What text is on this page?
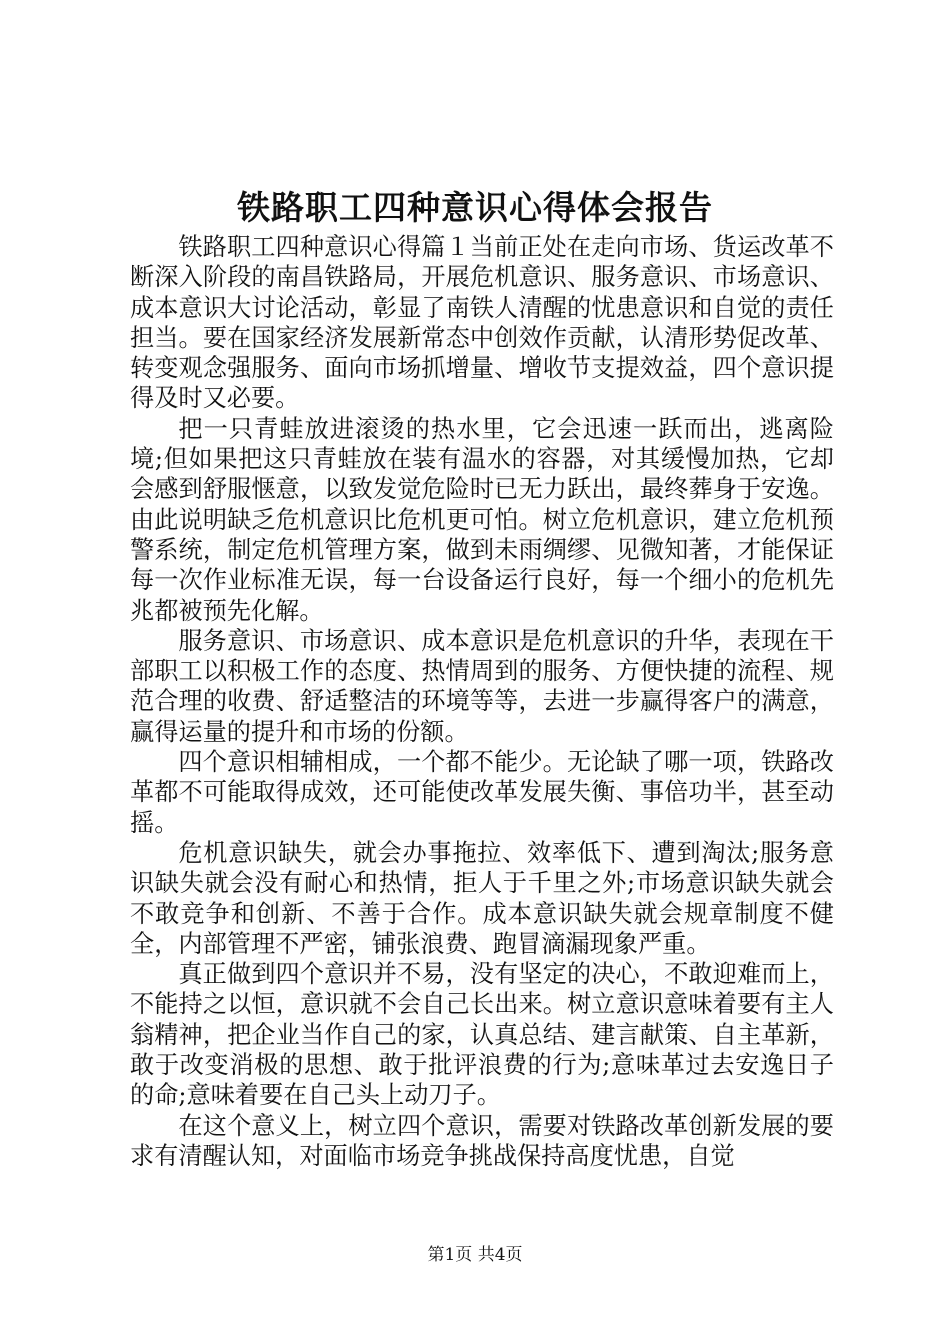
铁路职工四种意识心得体会报告

铁路职工四种意识心得篇１当前正处在走向市场、货运改革不断深入阶段的南昌铁路局，开展危机意识、服务意识、市场意识、成本意识大讨论活动，彰显了南铁人清醒的忧患意识和自觉的责任担当。要在国家经济发展新常态中创效作贡献，认清形势促改革、转变观念强服务、面向市场抓增量、增收节支提效益，四个意识提得及时又必要。

把一只青蛙放进滚烫的热水里，它会迅速一跃而出，逃离险境;但如果把这只青蛙放在装有温水的容器，对其缓慢加热，它却会感到舒服惬意，以致发觉危险时已无力跃出，最终葬身于安逸。由此说明缺乏危机意识比危机更可怕。树立危机意识，建立危机预警系统，制定危机管理方案，做到未雨绸缪、见微知著，才能保证每一次作业标准无误，每一台设备运行良好，每一个细小的危机先兆都被预先化解。

服务意识、市场意识、成本意识是危机意识的升华，表现在干部职工以积极工作的态度、热情周到的服务、方便快捷的流程、规范合理的收费、舒适整洁的环境等等，去进一步赢得客户的满意，赢得运量的提升和市场的份额。

四个意识相辅相成，一个都不能少。无论缺了哪一项，铁路改革都不可能取得成效，还可能使改革发展失衡、事倍功半，甚至动摇。

危机意识缺失，就会办事拖拉、效率低下、遭到淘汰;服务意识缺失就会没有耐心和热情，拒人于千里之外;市场意识缺失就会不敢竞争和创新、不善于合作。成本意识缺失就会规章制度不健全，内部管理不严密，铺张浪费、跑冒滴漏现象严重。

真正做到四个意识并不易，没有坚定的决心，不敢迎难而上，不能持之以恒，意识就不会自己长出来。树立意识意味着要有主人翁精神，把企业当作自己的家，认真总结、建言献策、自主革新，敢于改变消极的思想、敢于批评浪费的行为;意味革过去安逸日子的命;意味着要在自己头上动刀子。

在这个意义上，树立四个意识，需要对铁路改革创新发展的要求有清醒认知，对面临市场竞争挑战保持高度忧患，自觉

第1页 共4页
